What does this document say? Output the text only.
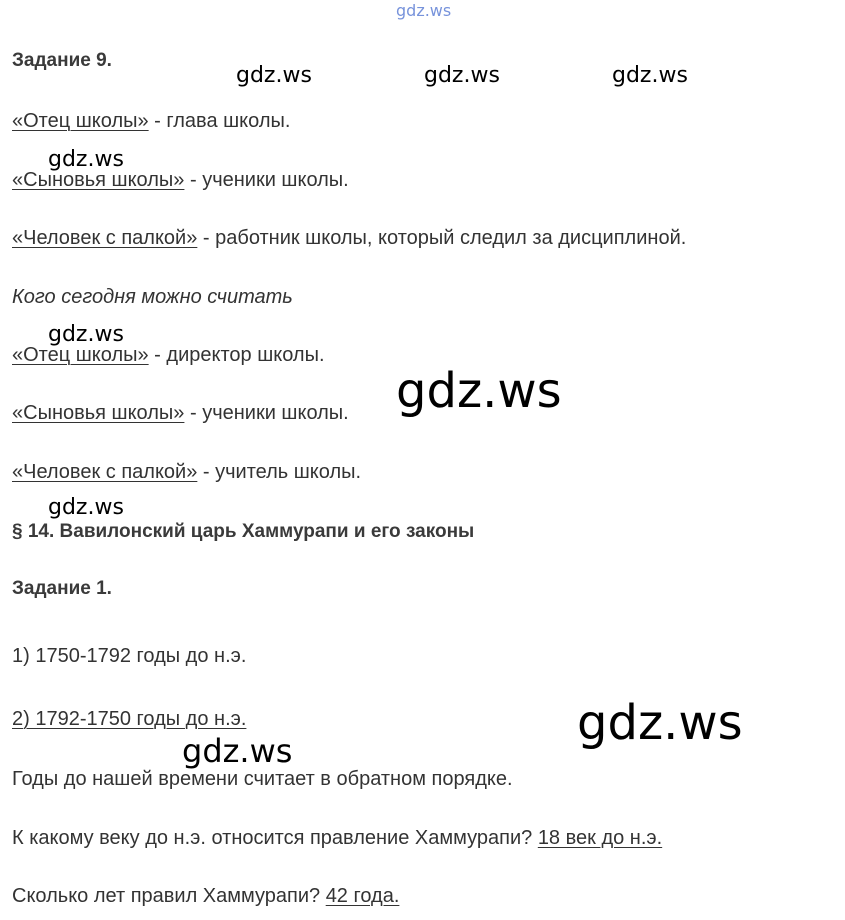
gdz.ws
gdz.ws	gdz.ws	gdz.ws
gdz.ws
gdz.ws
gdz.ws
gdz.ws
gdz.ws
gdz.ws
Задание 9.
«Отец школы» - глава школы.
«Сыновья школы» - ученики школы.
«Человек с палкой» - работник школы, который следил за дисциплиной.
Кого сегодня можно считать
«Отец школы» - директор школы.
«Сыновья школы» - ученики школы.
«Человек с палкой» - учитель школы.
§ 14. Вавилонский царь Хаммурапи и его законы
Задание 1.
1) 1750-1792 годы до н.э.
2) 1792-1750 годы до н.э.
Годы до нашей времени считает в обратном порядке.
К какому веку до н.э. относится правление Хаммурапи? 18 век до н.э.
Сколько лет правил Хаммурапи? 42 года.
